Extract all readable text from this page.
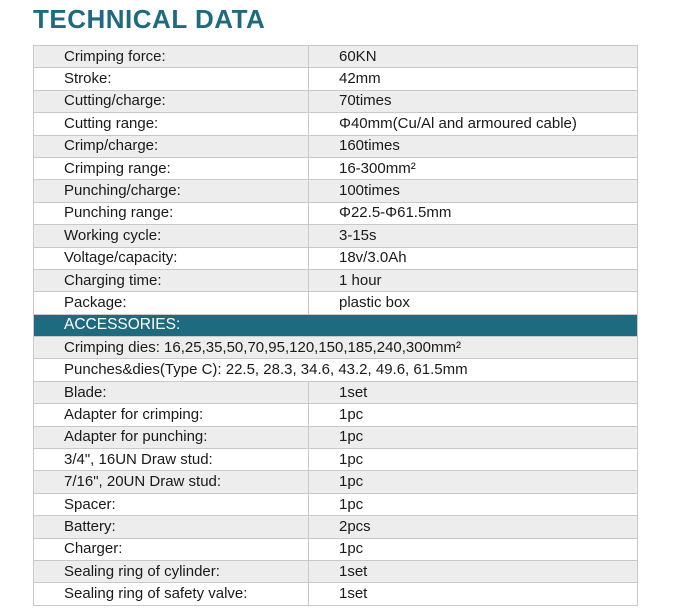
TECHNICAL DATA
Crimping force:	60KN
Stroke:	42mm
Cutting/charge:	70times
Cutting range:	Φ40mm(Cu/Al and armoured cable)
Crimp/charge:	160times
Crimping range:	16-300mm²
Punching/charge:	100times
Punching range:	Φ22.5-Φ61.5mm
Working cycle:	3-15s
Voltage/capacity:	18v/3.0Ah
Charging time:	1 hour
Package:	plastic box
ACCESSORIES:	
Crimping dies: 16,25,35,50,70,95,120,150,185,240,300mm²	
Punches&dies(Type C): 22.5, 28.3, 34.6, 43.2, 49.6, 61.5mm	
Blade:	1set
Adapter for crimping:	1pc
Adapter for punching:	1pc
3/4", 16UN Draw stud:	1pc
7/16", 20UN Draw stud:	1pc
Spacer:	1pc
Battery:	2pcs
Charger:	1pc
Sealing ring of cylinder:	1set
Sealing ring of safety valve:	1set
